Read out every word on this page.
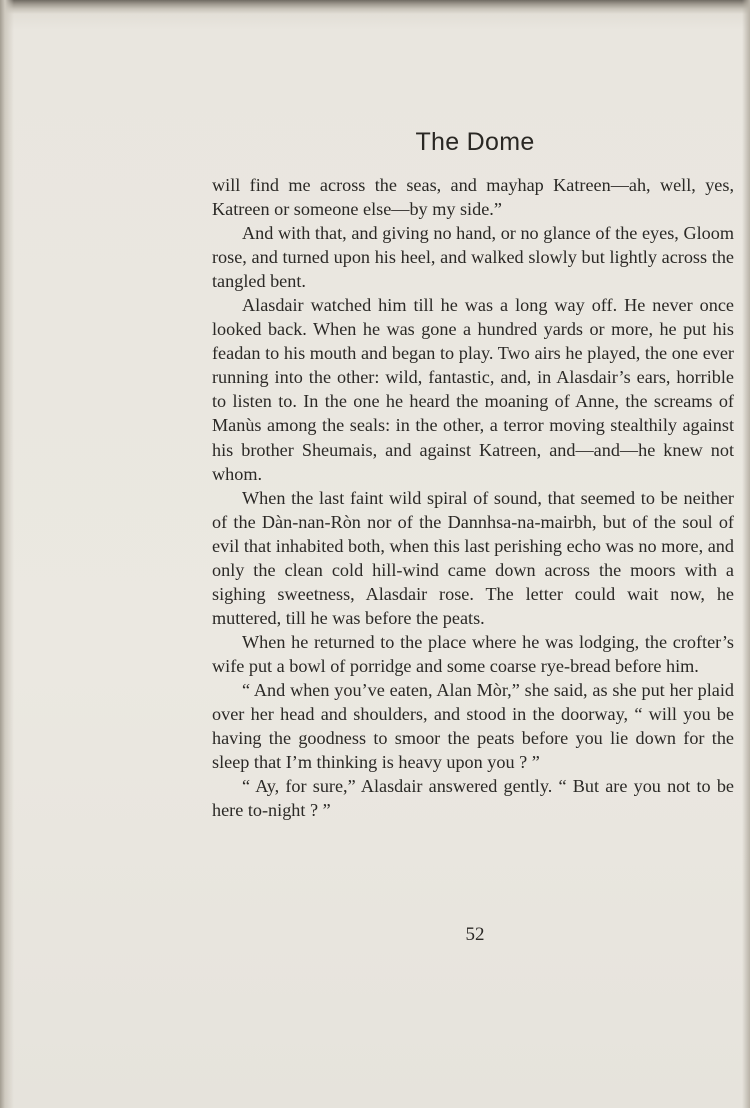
The Dome

will find me across the seas, and mayhap Katreen—ah, well, yes, Katreen or someone else—by my side.”

And with that, and giving no hand, or no glance of the eyes, Gloom rose, and turned upon his heel, and walked slowly but lightly across the tangled bent.

Alasdair watched him till he was a long way off. He never once looked back. When he was gone a hundred yards or more, he put his feadan to his mouth and began to play. Two airs he played, the one ever running into the other: wild, fantastic, and, in Alasdair’s ears, horrible to listen to. In the one he heard the moaning of Anne, the screams of Manùs among the seals: in the other, a terror moving stealthily against his brother Sheumais, and against Katreen, and—and—he knew not whom.

When the last faint wild spiral of sound, that seemed to be neither of the Dàn-nan-Ròn nor of the Dannhsa-na-mairbh, but of the soul of evil that inhabited both, when this last perishing echo was no more, and only the clean cold hill-wind came down across the moors with a sighing sweetness, Alasdair rose. The letter could wait now, he muttered, till he was before the peats.

When he returned to the place where he was lodging, the crofter’s wife put a bowl of porridge and some coarse rye-bread before him.

“ And when you’ve eaten, Alan Mòr,” she said, as she put her plaid over her head and shoulders, and stood in the doorway, “ will you be having the goodness to smoor the peats before you lie down for the sleep that I’m thinking is heavy upon you ? ”

“ Ay, for sure,” Alasdair answered gently. “ But are you not to be here to-night ? ”

52
